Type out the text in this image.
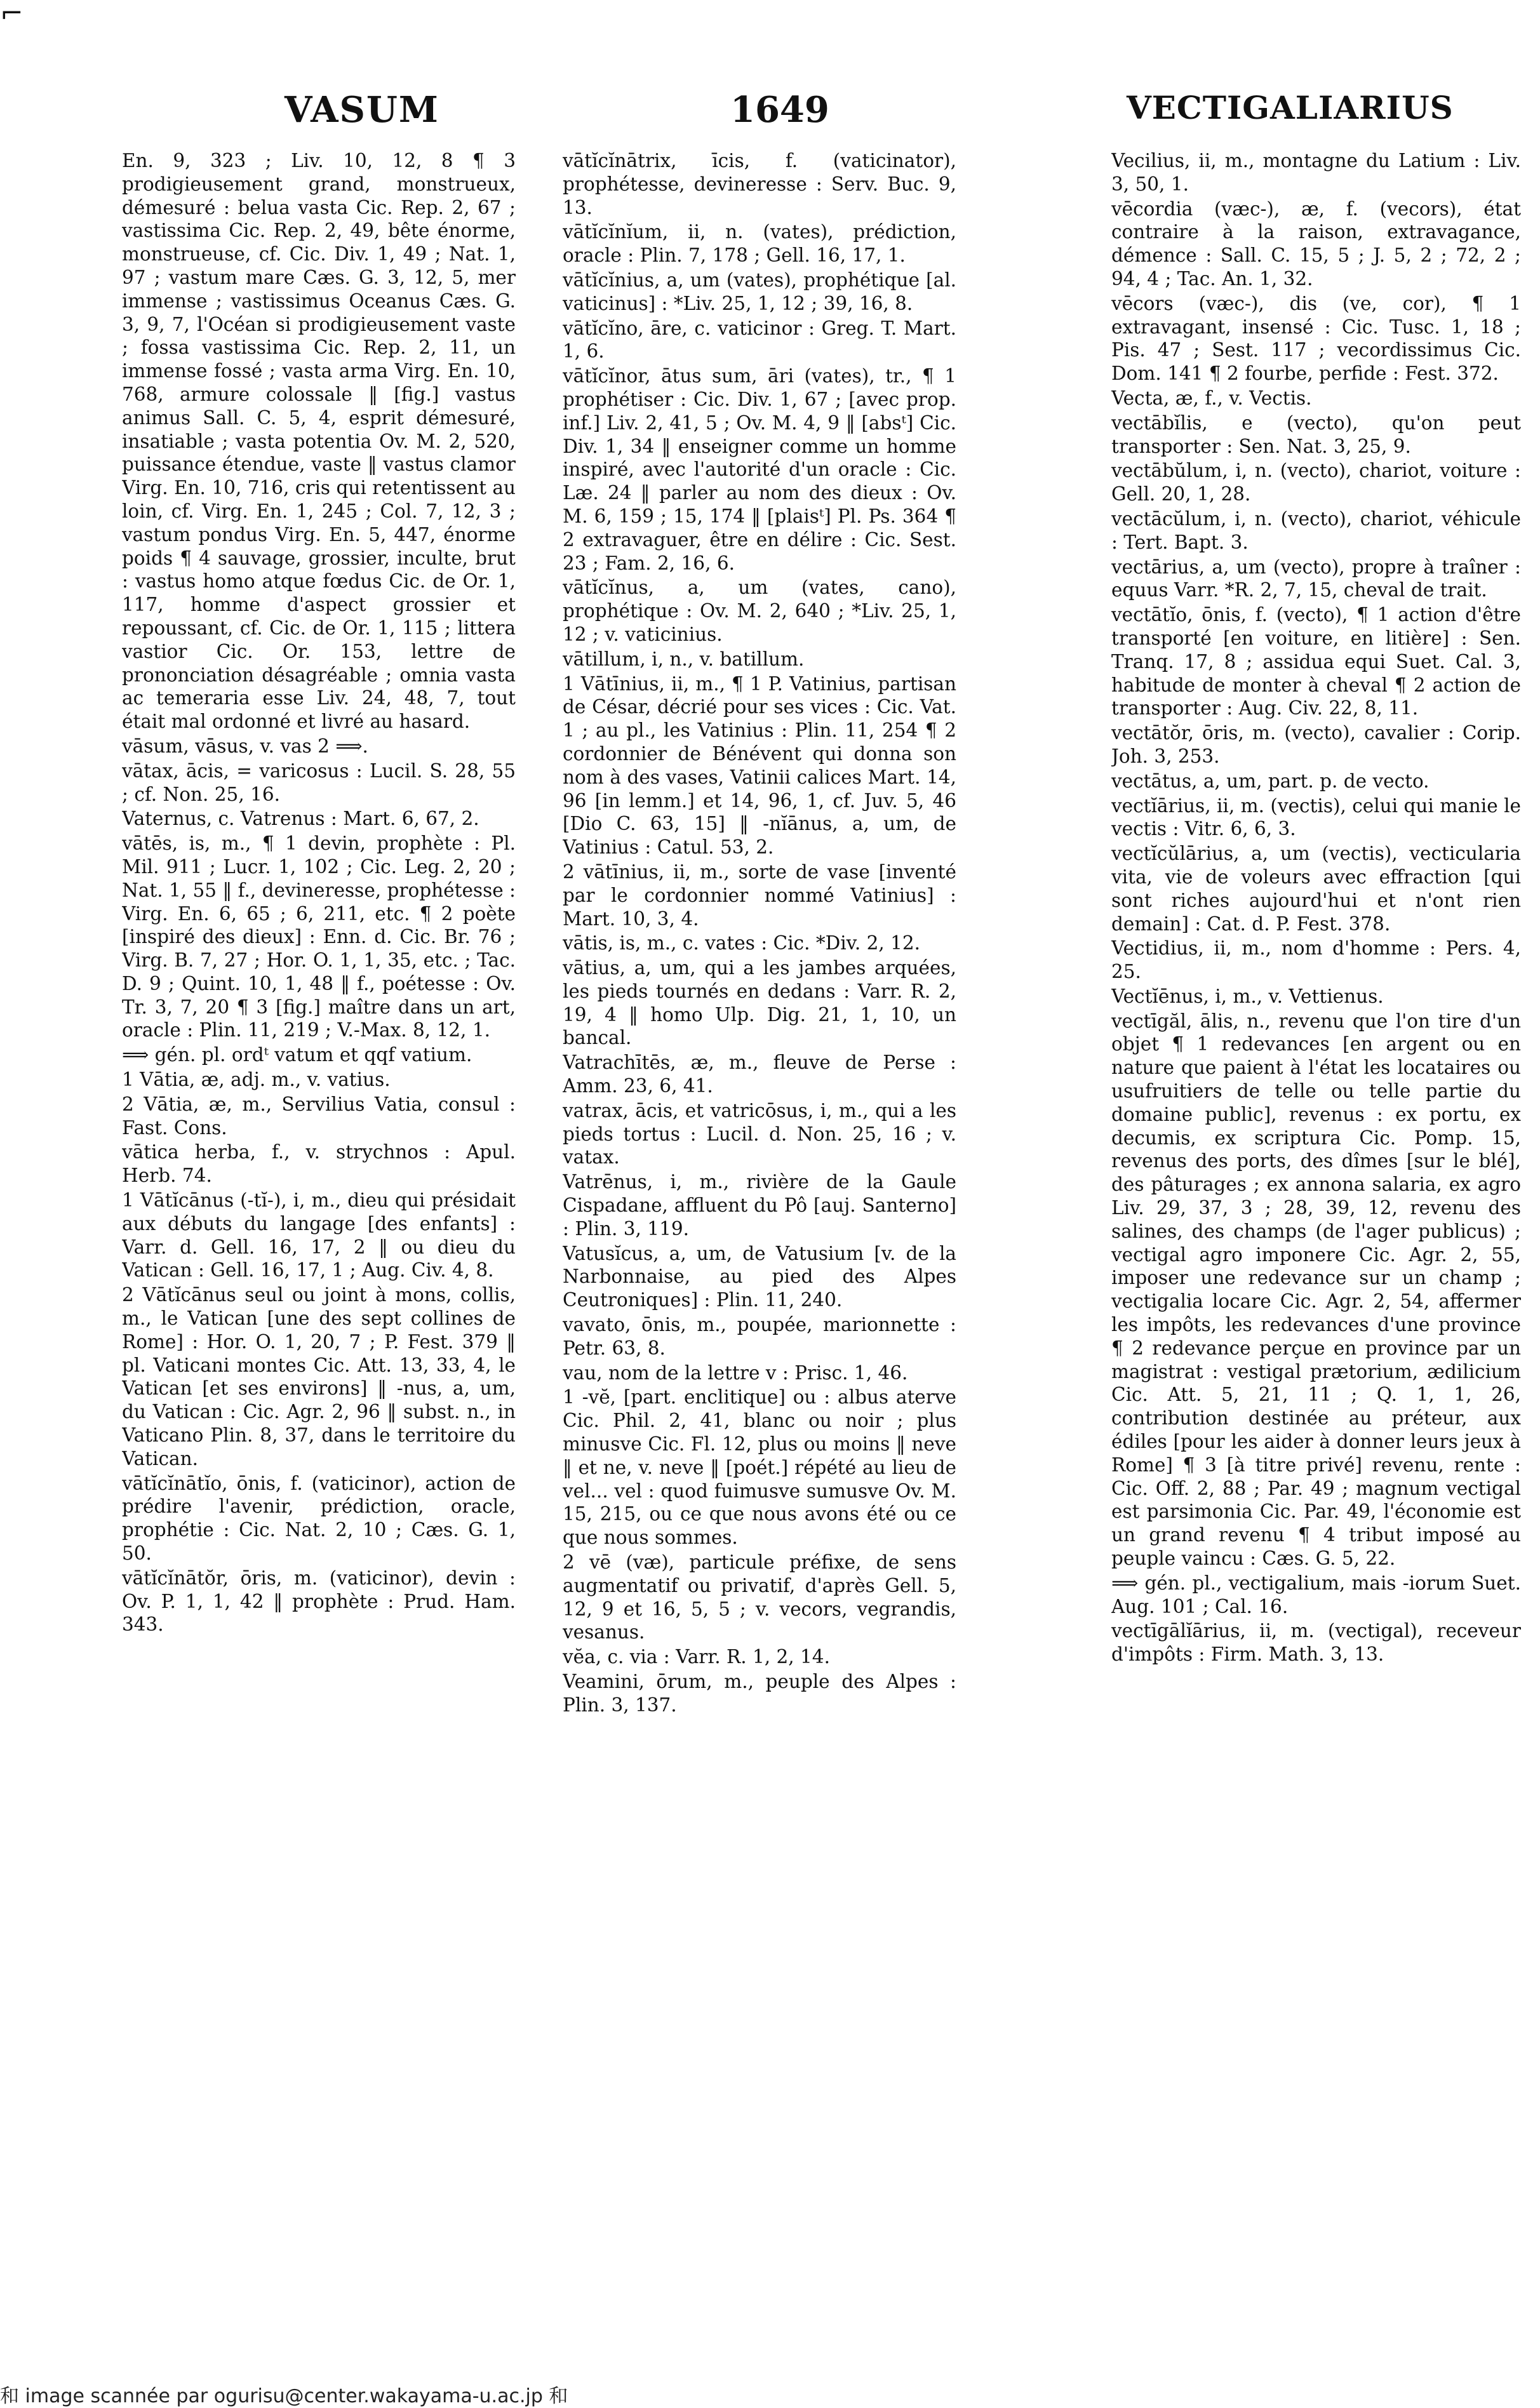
⌐
VASUM	1649	VECTIGALIARIUS

En. 9, 323 ; Liv. 10, 12, 8 ¶ 3 prodigieusement grand, monstrueux, démesuré : belua vasta Cic. Rep. 2, 67 ; vastissima Cic. Rep. 2, 49, bête énorme, monstrueuse, cf. Cic. Div. 1, 49 ; Nat. 1, 97 ; vastum mare Cæs. G. 3, 12, 5, mer immense ; vastissimus Oceanus Cæs. G. 3, 9, 7, l'Océan si prodigieusement vaste ; fossa vastissima Cic. Rep. 2, 11, un immense fossé ; vasta arma Virg. En. 10, 768, armure colossale ‖ [fig.] vastus animus Sall. C. 5, 4, esprit démesuré, insatiable ; vasta potentia Ov. M. 2, 520, puissance étendue, vaste ‖ vastus clamor Virg. En. 10, 716, cris qui retentissent au loin, cf. Virg. En. 1, 245 ; Col. 7, 12, 3 ; vastum pondus Virg. En. 5, 447, énorme poids ¶ 4 sauvage, grossier, inculte, brut : vastus homo atque fœdus Cic. de Or. 1, 117, homme d'aspect grossier et repoussant, cf. Cic. de Or. 1, 115 ; littera vastior Cic. Or. 153, lettre de prononciation désagréable ; omnia vasta ac temeraria esse Liv. 24, 48, 7, tout était mal ordonné et livré au hasard.

vāsum, vāsus, v. vas 2 ⟹.

vātax, ācis, = varicosus : Lucil. S. 28, 55 ; cf. Non. 25, 16.

Vaternus, c. Vatrenus : Mart. 6, 67, 2.

vātēs, is, m., ¶ 1 devin, prophète : Pl. Mil. 911 ; Lucr. 1, 102 ; Cic. Leg. 2, 20 ; Nat. 1, 55 ‖ f., devineresse, prophétesse : Virg. En. 6, 65 ; 6, 211, etc. ¶ 2 poète [inspiré des dieux] : Enn. d. Cic. Br. 76 ; Virg. B. 7, 27 ; Hor. O. 1, 1, 35, etc. ; Tac. D. 9 ; Quint. 10, 1, 48 ‖ f., poétesse : Ov. Tr. 3, 7, 20 ¶ 3 [fig.] maître dans un art, oracle : Plin. 11, 219 ; V.-Max. 8, 12, 1.

⟹ gén. pl. ordᵗ vatum et qqf vatium.

1 Vātia, æ, adj. m., v. vatius.

2 Vātia, æ, m., Servilius Vatia, consul : Fast. Cons.

vātica herba, f., v. strychnos : Apul. Herb. 74.

1 Vātĭcānus (-tĭ-), i, m., dieu qui présidait aux débuts du langage [des enfants] : Varr. d. Gell. 16, 17, 2 ‖ ou dieu du Vatican : Gell. 16, 17, 1 ; Aug. Civ. 4, 8.

2 Vātĭcānus seul ou joint à mons, collis, m., le Vatican [une des sept collines de Rome] : Hor. O. 1, 20, 7 ; P. Fest. 379 ‖ pl. Vaticani montes Cic. Att. 13, 33, 4, le Vatican [et ses environs] ‖ -nus, a, um, du Vatican : Cic. Agr. 2, 96 ‖ subst. n., in Vaticano Plin. 8, 37, dans le territoire du Vatican.

vātĭcĭnātĭo, ōnis, f. (vaticinor), action de prédire l'avenir, prédiction, oracle, prophétie : Cic. Nat. 2, 10 ; Cæs. G. 1, 50.

vātĭcĭnātŏr, ōris, m. (vaticinor), devin : Ov. P. 1, 1, 42 ‖ prophète : Prud. Ham. 343.

vātĭcĭnātrix, īcis, f. (vaticinator), prophétesse, devineresse : Serv. Buc. 9, 13.

vātĭcĭnĭum, ii, n. (vates), prédiction, oracle : Plin. 7, 178 ; Gell. 16, 17, 1.

vātĭcĭnius, a, um (vates), prophétique [al. vaticinus] : *Liv. 25, 1, 12 ; 39, 16, 8.

vātĭcĭno, āre, c. vaticinor : Greg. T. Mart. 1, 6.

vātĭcĭnor, ātus sum, āri (vates), tr., ¶ 1 prophétiser : Cic. Div. 1, 67 ; [avec prop. inf.] Liv. 2, 41, 5 ; Ov. M. 4, 9 ‖ [absᵗ] Cic. Div. 1, 34 ‖ enseigner comme un homme inspiré, avec l'autorité d'un oracle : Cic. Læ. 24 ‖ parler au nom des dieux : Ov. M. 6, 159 ; 15, 174 ‖ [plaisᵗ] Pl. Ps. 364 ¶ 2 extravaguer, être en délire : Cic. Sest. 23 ; Fam. 2, 16, 6.

vātĭcĭnus, a, um (vates, cano), prophétique : Ov. M. 2, 640 ; *Liv. 25, 1, 12 ; v. vaticinius.

vātillum, i, n., v. batillum.

1 Vātīnius, ii, m., ¶ 1 P. Vatinius, partisan de César, décrié pour ses vices : Cic. Vat. 1 ; au pl., les Vatinius : Plin. 11, 254 ¶ 2 cordonnier de Bénévent qui donna son nom à des vases, Vatinii calices Mart. 14, 96 [in lemm.] et 14, 96, 1, cf. Juv. 5, 46 [Dio C. 63, 15] ‖ -nĭānus, a, um, de Vatinius : Catul. 53, 2.

2 vātīnius, ii, m., sorte de vase [inventé par le cordonnier nommé Vatinius] : Mart. 10, 3, 4.

vātis, is, m., c. vates : Cic. *Div. 2, 12.

vātius, a, um, qui a les jambes arquées, les pieds tournés en dedans : Varr. R. 2, 19, 4 ‖ homo Ulp. Dig. 21, 1, 10, un bancal.

Vatrachītēs, æ, m., fleuve de Perse : Amm. 23, 6, 41.

vatrax, ācis, et vatricōsus, i, m., qui a les pieds tortus : Lucil. d. Non. 25, 16 ; v. vatax.

Vatrēnus, i, m., rivière de la Gaule Cispadane, affluent du Pô [auj. Santerno] : Plin. 3, 119.

Vatusĭcus, a, um, de Vatusium [v. de la Narbonnaise, au pied des Alpes Ceutroniques] : Plin. 11, 240.

vavato, ōnis, m., poupée, marionnette : Petr. 63, 8.

vau, nom de la lettre v : Prisc. 1, 46.

1 -vĕ, [part. enclitique] ou : albus aterve Cic. Phil. 2, 41, blanc ou noir ; plus minusve Cic. Fl. 12, plus ou moins ‖ neve ‖ et ne, v. neve ‖ [poét.] répété au lieu de vel... vel : quod fuimusve sumusve Ov. M. 15, 215, ou ce que nous avons été ou ce que nous sommes.

2 vē (væ), particule préfixe, de sens augmentatif ou privatif, d'après Gell. 5, 12, 9 et 16, 5, 5 ; v. vecors, vegrandis, vesanus.

vĕa, c. via : Varr. R. 1, 2, 14.

Veamini, ōrum, m., peuple des Alpes : Plin. 3, 137.

Vecilius, ii, m., montagne du Latium : Liv. 3, 50, 1.

vēcordia (væc-), æ, f. (vecors), état contraire à la raison, extravagance, démence : Sall. C. 15, 5 ; J. 5, 2 ; 72, 2 ; 94, 4 ; Tac. An. 1, 32.

vēcors (væc-), dis (ve, cor), ¶ 1 extravagant, insensé : Cic. Tusc. 1, 18 ; Pis. 47 ; Sest. 117 ; vecordissimus Cic. Dom. 141 ¶ 2 fourbe, perfide : Fest. 372.

Vecta, æ, f., v. Vectis.

vectābĭlis, e (vecto), qu'on peut transporter : Sen. Nat. 3, 25, 9.

vectābŭlum, i, n. (vecto), chariot, voiture : Gell. 20, 1, 28.

vectācŭlum, i, n. (vecto), chariot, véhicule : Tert. Bapt. 3.

vectārius, a, um (vecto), propre à traîner : equus Varr. *R. 2, 7, 15, cheval de trait.

vectātĭo, ōnis, f. (vecto), ¶ 1 action d'être transporté [en voiture, en litière] : Sen. Tranq. 17, 8 ; assidua equi Suet. Cal. 3, habitude de monter à cheval ¶ 2 action de transporter : Aug. Civ. 22, 8, 11.

vectātŏr, ōris, m. (vecto), cavalier : Corip. Joh. 3, 253.

vectātus, a, um, part. p. de vecto.

vectĭārius, ii, m. (vectis), celui qui manie le vectis : Vitr. 6, 6, 3.

vectĭcŭlārius, a, um (vectis), vecticularia vita, vie de voleurs avec effraction [qui sont riches aujourd'hui et n'ont rien demain] : Cat. d. P. Fest. 378.

Vectidius, ii, m., nom d'homme : Pers. 4, 25.

Vectĭēnus, i, m., v. Vettienus.

vectīgăl, ālis, n., revenu que l'on tire d'un objet ¶ 1 redevances [en argent ou en nature que paient à l'état les locataires ou usufruitiers de telle ou telle partie du domaine public], revenus : ex portu, ex decumis, ex scriptura Cic. Pomp. 15, revenus des ports, des dîmes [sur le blé], des pâturages ; ex annona salaria, ex agro Liv. 29, 37, 3 ; 28, 39, 12, revenu des salines, des champs (de l'ager publicus) ; vectigal agro imponere Cic. Agr. 2, 55, imposer une redevance sur un champ ; vectigalia locare Cic. Agr. 2, 54, affermer les impôts, les redevances d'une province ¶ 2 redevance perçue en province par un magistrat : vestigal prætorium, ædilicium Cic. Att. 5, 21, 11 ; Q. 1, 1, 26, contribution destinée au préteur, aux édiles [pour les aider à donner leurs jeux à Rome] ¶ 3 [à titre privé] revenu, rente : Cic. Off. 2, 88 ; Par. 49 ; magnum vectigal est parsimonia Cic. Par. 49, l'économie est un grand revenu ¶ 4 tribut imposé au peuple vaincu : Cæs. G. 5, 22.

⟹ gén. pl., vectigalium, mais -iorum Suet. Aug. 101 ; Cal. 16.

vectīgālĭārius, ii, m. (vectigal), receveur d'impôts : Firm. Math. 3, 13.

和 image scannée par ogurisu@center.wakayama-u.ac.jp 和
